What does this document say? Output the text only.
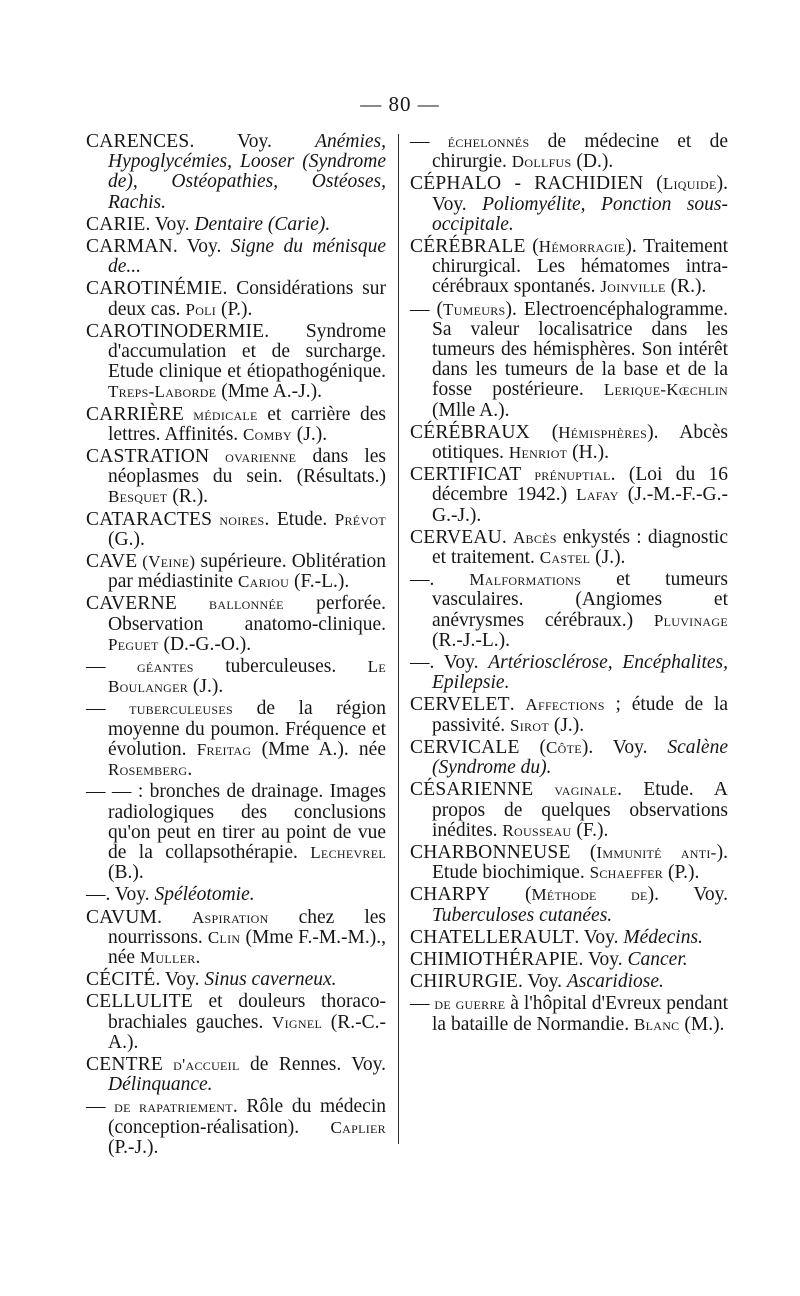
— 80 —
CARENCES. Voy. Anémies, Hypoglycémies, Looser (Syndrome de), Ostéopathies, Ostéoses, Rachis.
CARIE. Voy. Dentaire (Carie).
CARMAN. Voy. Signe du ménisque de...
CAROTINÉMIE. Considérations sur deux cas. Poli (P.).
CAROTINODERMIE. Syndrome d'accumulation et de surcharge. Etude clinique et étiopathogénique. Treps-Laborde (Mme A.-J.).
CARRIÈRE médicale et carrière des lettres. Affinités. Comby (J.).
CASTRATION ovarienne dans les néoplasmes du sein. (Résultats.) Besquet (R.).
CATARACTES noires. Etude. Prévot (G.).
CAVE (Veine) supérieure. Oblitération par médiastinite Cariou (F.-L.).
CAVERNE ballonnée perforée. Observation anatomo-clinique. Peguet (D.-G.-O.).
— géantes tuberculeuses. Le Boulanger (J.).
— tuberculeuses de la région moyenne du poumon. Fréquence et évolution. Freitag (Mme A.). née Rosemberg.
— — : bronches de drainage. Images radiologiques des conclusions qu'on peut en tirer au point de vue de la collapsothérapie. Lechevrel (B.).
—. Voy. Spéléotomie.
CAVUM. Aspiration chez les nourrissons. Clin (Mme F.-M.-M.)., née Muller.
CÉCITÉ. Voy. Sinus caverneux.
CELLULITE et douleurs thoraco-brachiales gauches. Vignel (R.-C.-A.).
CENTRE d'accueil de Rennes. Voy. Délinquance.
— de rapatriement. Rôle du médecin (conception-réalisation). Caplier (P.-J.).
— échelonnés de médecine et de chirurgie. Dollfus (D.).
CÉPHALO - RACHIDIEN (Liquide). Voy. Poliomyélite, Ponction sous-occipitale.
CÉRÉBRALE (Hémorragie). Traitement chirurgical. Les hématomes intra-cérébraux spontanés. Joinville (R.).
— (Tumeurs). Electroencéphalogramme. Sa valeur localisatrice dans les tumeurs des hémisphères. Son intérêt dans les tumeurs de la base et de la fosse postérieure. Lerique-Kœchlin (Mlle A.).
CÉRÉBRAUX (Hémisphères). Abcès otitiques. Henriot (H.).
CERTIFICAT prénuptial. (Loi du 16 décembre 1942.) Lafay (J.-M.-F.-G.-G.-J.).
CERVEAU. Abcès enkystés : diagnostic et traitement. Castel (J.).
—. Malformations et tumeurs vasculaires. (Angiomes et anévrysmes cérébraux.) Pluvinage (R.-J.-L.).
—. Voy. Artériosclérose, Encéphalites, Epilepsie.
CERVELET. Affections ; étude de la passivité. Sirot (J.).
CERVICALE (Côte). Voy. Scalène (Syndrome du).
CÉSARIENNE vaginale. Etude. A propos de quelques observations inédites. Rousseau (F.).
CHARBONNEUSE (Immunité anti-). Etude biochimique. Schaeffer (P.).
CHARPY (Méthode de). Voy. Tuberculoses cutanées.
CHATELLERAULT. Voy. Médecins.
CHIMIOTHÉRAPIE. Voy. Cancer.
CHIRURGIE. Voy. Ascaridiose.
— de guerre à l'hôpital d'Evreux pendant la bataille de Normandie. Blanc (M.).
